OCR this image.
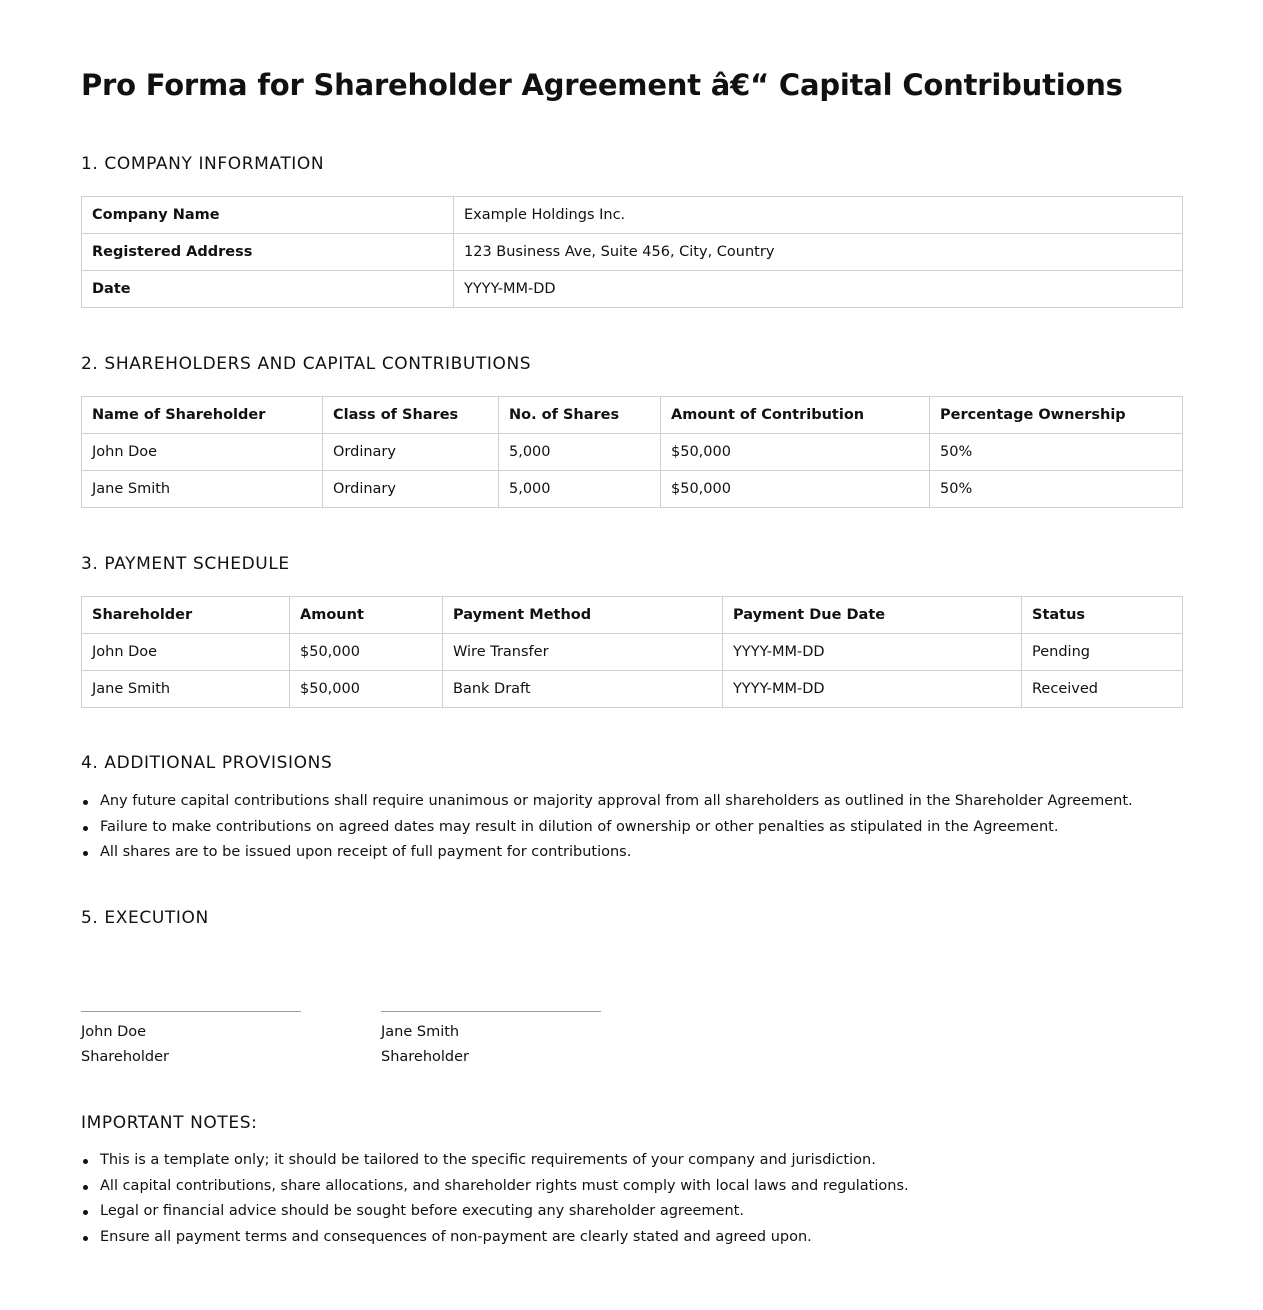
Pro Forma for Shareholder Agreement â€“ Capital Contributions
1. COMPANY INFORMATION
Company Name	Example Holdings Inc.
Registered Address	123 Business Ave, Suite 456, City, Country
Date	YYYY-MM-DD
2. SHAREHOLDERS AND CAPITAL CONTRIBUTIONS
Name of Shareholder	Class of Shares	No. of Shares	Amount of Contribution	Percentage Ownership
John Doe	Ordinary	5,000	$50,000	50%
Jane Smith	Ordinary	5,000	$50,000	50%
3. PAYMENT SCHEDULE
Shareholder	Amount	Payment Method	Payment Due Date	Status
John Doe	$50,000	Wire Transfer	YYYY-MM-DD	Pending
Jane Smith	$50,000	Bank Draft	YYYY-MM-DD	Received
4. ADDITIONAL PROVISIONS
Any future capital contributions shall require unanimous or majority approval from all shareholders as outlined in the Shareholder Agreement.
Failure to make contributions on agreed dates may result in dilution of ownership or other penalties as stipulated in the Agreement.
All shares are to be issued upon receipt of full payment for contributions.
5. EXECUTION
John Doe
Shareholder
Jane Smith
Shareholder
IMPORTANT NOTES:
This is a template only; it should be tailored to the specific requirements of your company and jurisdiction.
All capital contributions, share allocations, and shareholder rights must comply with local laws and regulations.
Legal or financial advice should be sought before executing any shareholder agreement.
Ensure all payment terms and consequences of non-payment are clearly stated and agreed upon.
